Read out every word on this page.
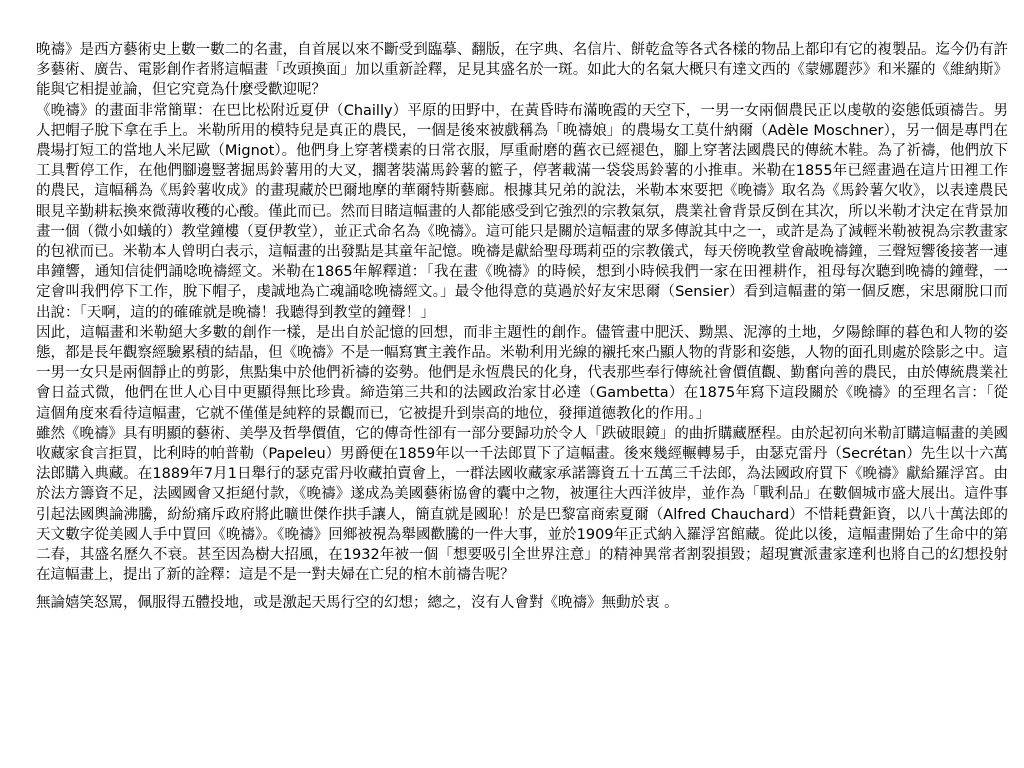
晚禱》是西方藝術史上數一數二的名畫，自首展以來不斷受到臨摹、翻版，在字典、名信片、餅乾盒等各式各樣的物品上都印有它的複製品。迄今仍有許多藝術、廣告、電影創作者將這幅畫「改頭換面」加以重新詮釋，足見其盛名於一斑。如此大的名氣大概只有達文西的《蒙娜麗莎》和米羅的《維納斯》能與它相提並論，但它究竟為什麼受歡迎呢？
《晚禱》的畫面非常簡單：在巴比松附近夏伊（Chailly）平原的田野中，在黃昏時布滿晚霞的天空下，一男一女兩個農民正以虔敬的姿態低頭禱告。男人把帽子脫下拿在手上。米勒所用的模特兒是真正的農民，一個是後來被戲稱為「晚禱娘」的農場女工莫什納爾（Adèle Moschner），另一個是專門在農場打短工的當地人米尼歐（Mignot）。他們身上穿著樸素的日常衣服，厚重耐磨的舊衣已經褪色，腳上穿著法國農民的傳統木鞋。為了祈禱，他們放下工具暫停工作，在他們腳邊豎著掘馬鈴薯用的大叉，擱著裝滿馬鈴薯的籃子，停著載滿一袋袋馬鈴薯的小推車。米勒在1855年已經畫過在這片田裡工作的農民，這幅稱為《馬鈴薯收成》的畫現藏於巴爾地摩的華爾特斯藝廊。根據其兄弟的說法，米勒本來要把《晚禱》取名為《馬鈴薯欠收》，以表達農民眼見辛勤耕耘換來微薄收穫的心酸。僅此而已。然而目睹這幅畫的人都能感受到它強烈的宗教氣氛，農業社會背景反倒在其次，所以米勒才決定在背景加畫一個（微小如蟻的）教堂鐘樓（夏伊教堂），並正式命名為《晚禱》。這可能只是關於這幅畫的眾多傳說其中之一，或許是為了減輕米勒被視為宗教畫家的包袱而已。米勒本人曾明白表示，這幅畫的出發點是其童年記憶。晚禱是獻給聖母瑪莉亞的宗教儀式，每天傍晚教堂會敲晚禱鐘，三聲短響後接著一連串鐘響，通知信徒們誦唸晚禱經文。米勒在1865年解釋道：「我在畫《晚禱》的時候，想到小時候我們一家在田裡耕作，祖母每次聽到晚禱的鐘聲，一定會叫我們停下工作，脫下帽子，虔誠地為亡魂誦唸晚禱經文。」最令他得意的莫過於好友宋思爾（Sensier）看到這幅畫的第一個反應，宋思爾脫口而出說：「天啊，這的的確確就是晚禱！我聽得到教堂的鐘聲！」
因此，這幅畫和米勒絕大多數的創作一樣，是出自於記憶的回想，而非主題性的創作。儘管畫中肥沃、黝黑、泥濘的土地，夕陽餘暉的暮色和人物的姿態，都是長年觀察經驗累積的結晶，但《晚禱》不是一幅寫實主義作品。米勒利用光線的襯托來凸顯人物的背影和姿態，人物的面孔則處於陰影之中。這一男一女只是兩個靜止的剪影，焦點集中於他們祈禱的姿勢。他們是永恆農民的化身，代表那些奉行傳統社會價值觀、勤奮向善的農民，由於傳統農業社會日益式微，他們在世人心目中更顯得無比珍貴。締造第三共和的法國政治家甘必達（Gambetta）在1875年寫下這段關於《晚禱》的至理名言：「從這個角度來看待這幅畫，它就不僅僅是純粹的景觀而已，它被提升到崇高的地位，發揮道德教化的作用。」
雖然《晚禱》具有明顯的藝術、美學及哲學價值，它的傳奇性卻有一部分要歸功於令人「跌破眼鏡」的曲折購藏歷程。由於起初向米勒訂購這幅畫的美國收藏家食言拒買，比利時的帕普勒（Papeleu）男爵便在1859年以一千法郎買下了這幅畫。後來幾經輾轉易手，由瑟克雷丹（Secrétan）先生以十六萬法郎購入典藏。在1889年7月1日舉行的瑟克雷丹收藏拍賣會上，一群法國收藏家承諾籌資五十五萬三千法郎，為法國政府買下《晚禱》獻給羅浮宮。由於法方籌資不足，法國國會又拒絕付款，《晚禱》遂成為美國藝術協會的囊中之物，被運往大西洋彼岸，並作為「戰利品」在數個城市盛大展出。這件事引起法國輿論沸騰，紛紛痛斥政府將此曠世傑作拱手讓人，簡直就是國恥！於是巴黎富商索夏爾（Alfred Chauchard）不惜耗費鉅資，以八十萬法郎的天文數字從美國人手中買回《晚禱》。《晚禱》回鄉被視為舉國歡騰的一件大事，並於1909年正式納入羅浮宮館藏。從此以後，這幅畫開始了生命中的第二春，其盛名歷久不衰。甚至因為樹大招風，在1932年被一個「想要吸引全世界注意」的精神異常者割裂損毀；超現實派畫家達利也將自己的幻想投射在這幅畫上，提出了新的詮釋：這是不是一對夫婦在亡兒的棺木前禱告呢？

無論嬉笑怒罵，佩服得五體投地，或是激起天馬行空的幻想；總之，沒有人會對《晚禱》無動於衷 。
